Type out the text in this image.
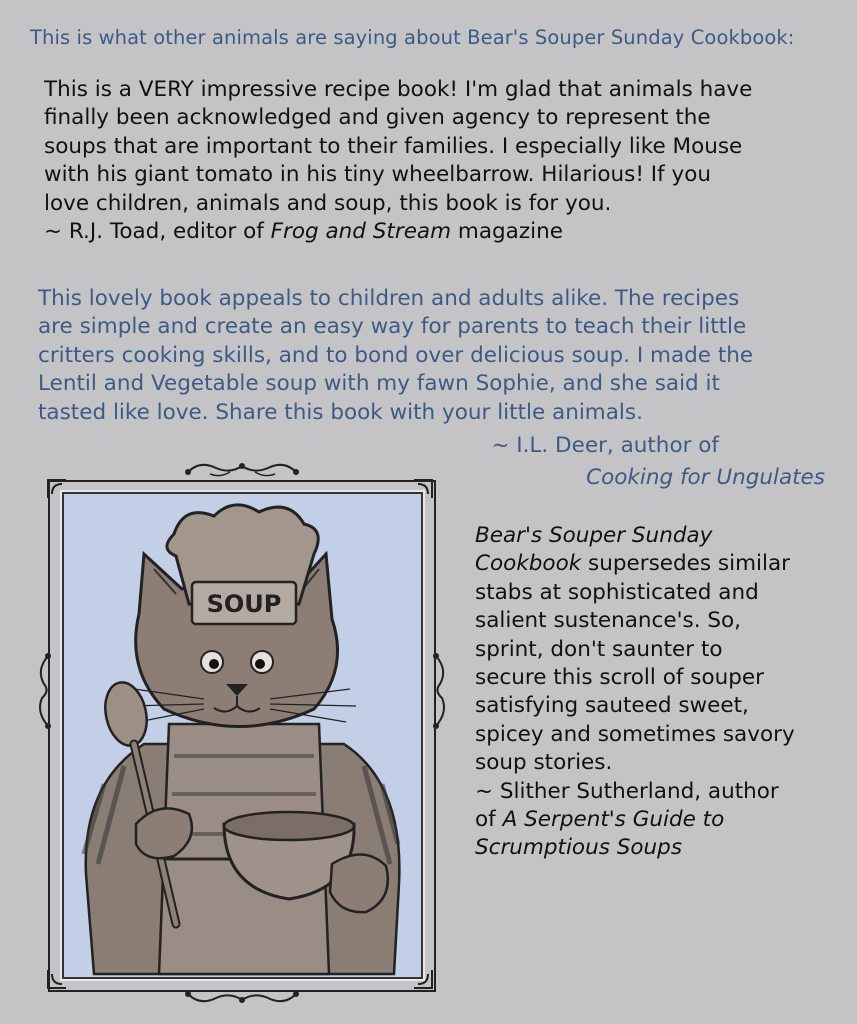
This is what other animals are saying about Bear's Souper Sunday Cookbook:
This is a VERY impressive recipe book! I'm glad that animals have
finally been acknowledged and given agency to represent the
soups that are important to their families. I especially like Mouse
with his giant tomato in his tiny wheelbarrow. Hilarious! If you
love children, animals and soup, this book is for you.
~ R.J. Toad, editor of Frog and Stream magazine
This lovely book appeals to children and adults alike. The recipes
are simple and create an easy way for parents to teach their little
critters cooking skills, and to bond over delicious soup. I made the
Lentil and Vegetable soup with my fawn Sophie, and she said it
tasted like love. Share this book with your little animals.
~ I.L. Deer, author of
Cooking for Ungulates
SOUP
Bear's Souper Sunday
Cookbook supersedes similar
stabs at sophisticated and
salient sustenance's. So,
sprint, don't saunter to
secure this scroll of souper
satisfying sauteed sweet,
spicey and sometimes savory
soup stories.
~ Slither Sutherland, author
of A Serpent's Guide to
Scrumptious Soups
